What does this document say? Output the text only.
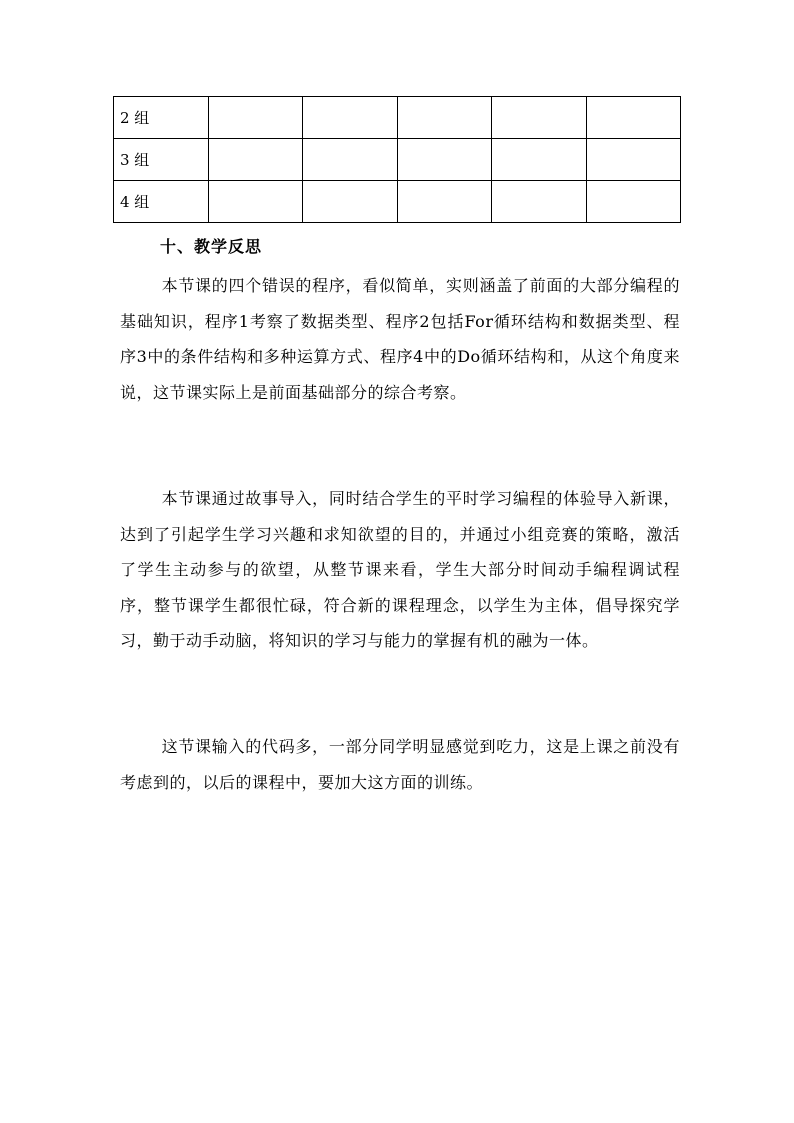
2 组					
3 组					
4 组					
十、教学反思

本节课的四个错误的程序，看似简单，实则涵盖了前面的大部分编程的基础知识，程序1考察了数据类型、程序2包括For循环结构和数据类型、程序3中的条件结构和多种运算方式、程序4中的Do循环结构和，从这个角度来说，这节课实际上是前面基础部分的综合考察。

本节课通过故事导入，同时结合学生的平时学习编程的体验导入新课，达到了引起学生学习兴趣和求知欲望的目的，并通过小组竞赛的策略，激活了学生主动参与的欲望，从整节课来看，学生大部分时间动手编程调试程序，整节课学生都很忙碌，符合新的课程理念，以学生为主体，倡导探究学习，勤于动手动脑，将知识的学习与能力的掌握有机的融为一体。

这节课输入的代码多，一部分同学明显感觉到吃力，这是上课之前没有考虑到的，以后的课程中，要加大这方面的训练。
